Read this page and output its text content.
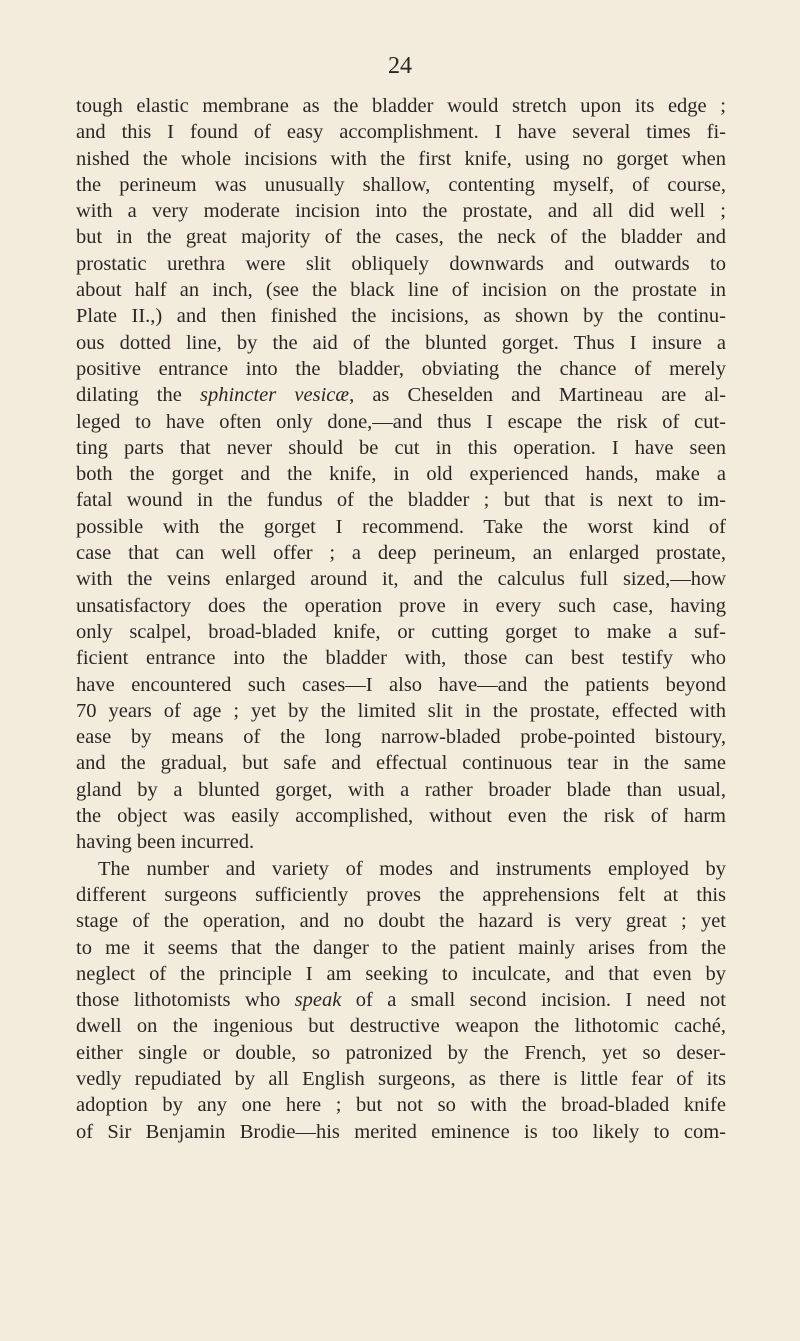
24
tough elastic membrane as the bladder would stretch upon its edge ;
and this I found of easy accomplishment. I have several times fi-
nished the whole incisions with the first knife, using no gorget when
the perineum was unusually shallow, contenting myself, of course,
with a very moderate incision into the prostate, and all did well ;
but in the great majority of the cases, the neck of the bladder and
prostatic urethra were slit obliquely downwards and outwards to
about half an inch, (see the black line of incision on the prostate in
Plate II.,) and then finished the incisions, as shown by the continu-
ous dotted line, by the aid of the blunted gorget. Thus I insure a
positive entrance into the bladder, obviating the chance of merely
dilating the sphincter vesicæ, as Cheselden and Martineau are al-
leged to have often only done,—and thus I escape the risk of cut-
ting parts that never should be cut in this operation. I have seen
both the gorget and the knife, in old experienced hands, make a
fatal wound in the fundus of the bladder ; but that is next to im-
possible with the gorget I recommend. Take the worst kind of
case that can well offer ; a deep perineum, an enlarged prostate,
with the veins enlarged around it, and the calculus full sized,—how
unsatisfactory does the operation prove in every such case, having
only scalpel, broad-bladed knife, or cutting gorget to make a suf-
ficient entrance into the bladder with, those can best testify who
have encountered such cases—I also have—and the patients beyond
70 years of age ; yet by the limited slit in the prostate, effected with
ease by means of the long narrow-bladed probe-pointed bistoury,
and the gradual, but safe and effectual continuous tear in the same
gland by a blunted gorget, with a rather broader blade than usual,
the object was easily accomplished, without even the risk of harm
having been incurred.
The number and variety of modes and instruments employed by
different surgeons sufficiently proves the apprehensions felt at this
stage of the operation, and no doubt the hazard is very great ; yet
to me it seems that the danger to the patient mainly arises from the
neglect of the principle I am seeking to inculcate, and that even by
those lithotomists who speak of a small second incision. I need not
dwell on the ingenious but destructive weapon the lithotomic caché,
either single or double, so patronized by the French, yet so deser-
vedly repudiated by all English surgeons, as there is little fear of its
adoption by any one here ; but not so with the broad-bladed knife
of Sir Benjamin Brodie—his merited eminence is too likely to com-
